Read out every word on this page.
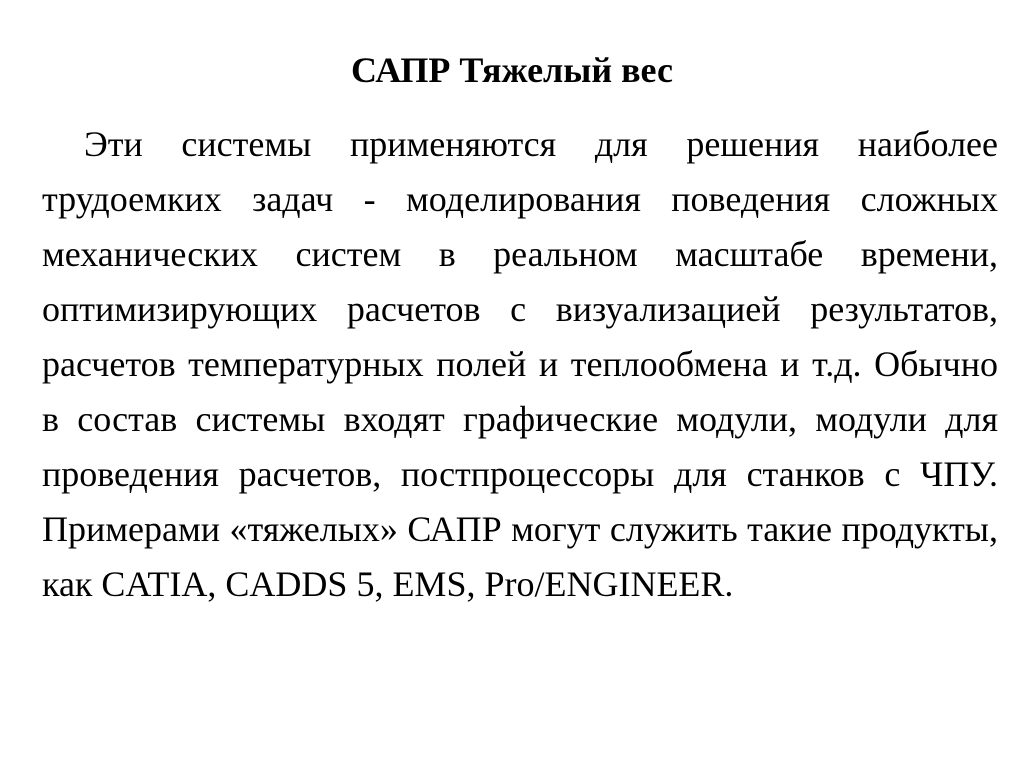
САПР Тяжелый вес

Эти системы применяются для решения наиболее трудоемких задач - моделирования поведения сложных механических систем в реальном масштабе времени, оптимизирующих расчетов с визуализацией результатов, расчетов температурных полей и теплообмена и т.д. Обычно в состав системы входят графические модули, модули для проведения расчетов, постпроцессоры для станков с ЧПУ. Примерами «тяжелых» САПР могут служить такие продукты, как CATIA, CADDS 5, EMS, Pro/ENGINEER.
